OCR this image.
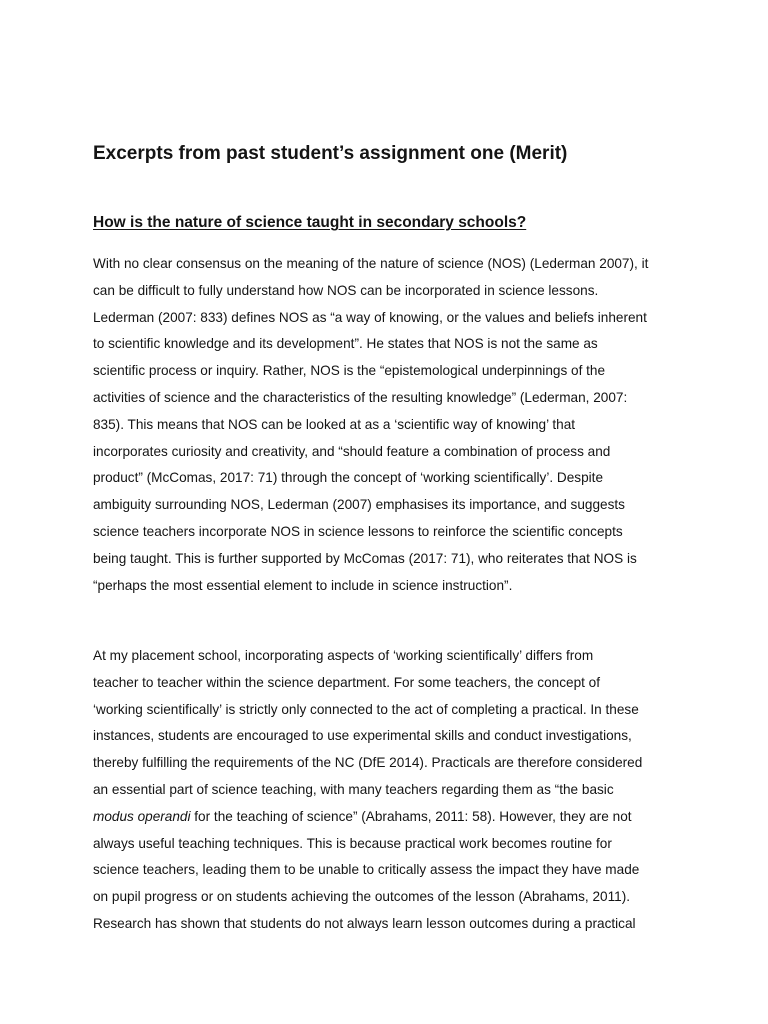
Excerpts from past student’s assignment one (Merit)
How is the nature of science taught in secondary schools?
With no clear consensus on the meaning of the nature of science (NOS) (Lederman 2007), it
can be difficult to fully understand how NOS can be incorporated in science lessons.
Lederman (2007: 833) defines NOS as “a way of knowing, or the values and beliefs inherent
to scientific knowledge and its development”. He states that NOS is not the same as
scientific process or inquiry. Rather, NOS is the “epistemological underpinnings of the
activities of science and the characteristics of the resulting knowledge” (Lederman, 2007:
835). This means that NOS can be looked at as a ‘scientific way of knowing’ that
incorporates curiosity and creativity, and “should feature a combination of process and
product” (McComas, 2017: 71) through the concept of ‘working scientifically’. Despite
ambiguity surrounding NOS, Lederman (2007) emphasises its importance, and suggests
science teachers incorporate NOS in science lessons to reinforce the scientific concepts
being taught. This is further supported by McComas (2017: 71), who reiterates that NOS is
“perhaps the most essential element to include in science instruction”.
At my placement school, incorporating aspects of ‘working scientifically’ differs from
teacher to teacher within the science department. For some teachers, the concept of
‘working scientifically’ is strictly only connected to the act of completing a practical. In these
instances, students are encouraged to use experimental skills and conduct investigations,
thereby fulfilling the requirements of the NC (DfE 2014). Practicals are therefore considered
an essential part of science teaching, with many teachers regarding them as “the basic
modus operandi for the teaching of science” (Abrahams, 2011: 58). However, they are not
always useful teaching techniques. This is because practical work becomes routine for
science teachers, leading them to be unable to critically assess the impact they have made
on pupil progress or on students achieving the outcomes of the lesson (Abrahams, 2011).
Research has shown that students do not always learn lesson outcomes during a practical
